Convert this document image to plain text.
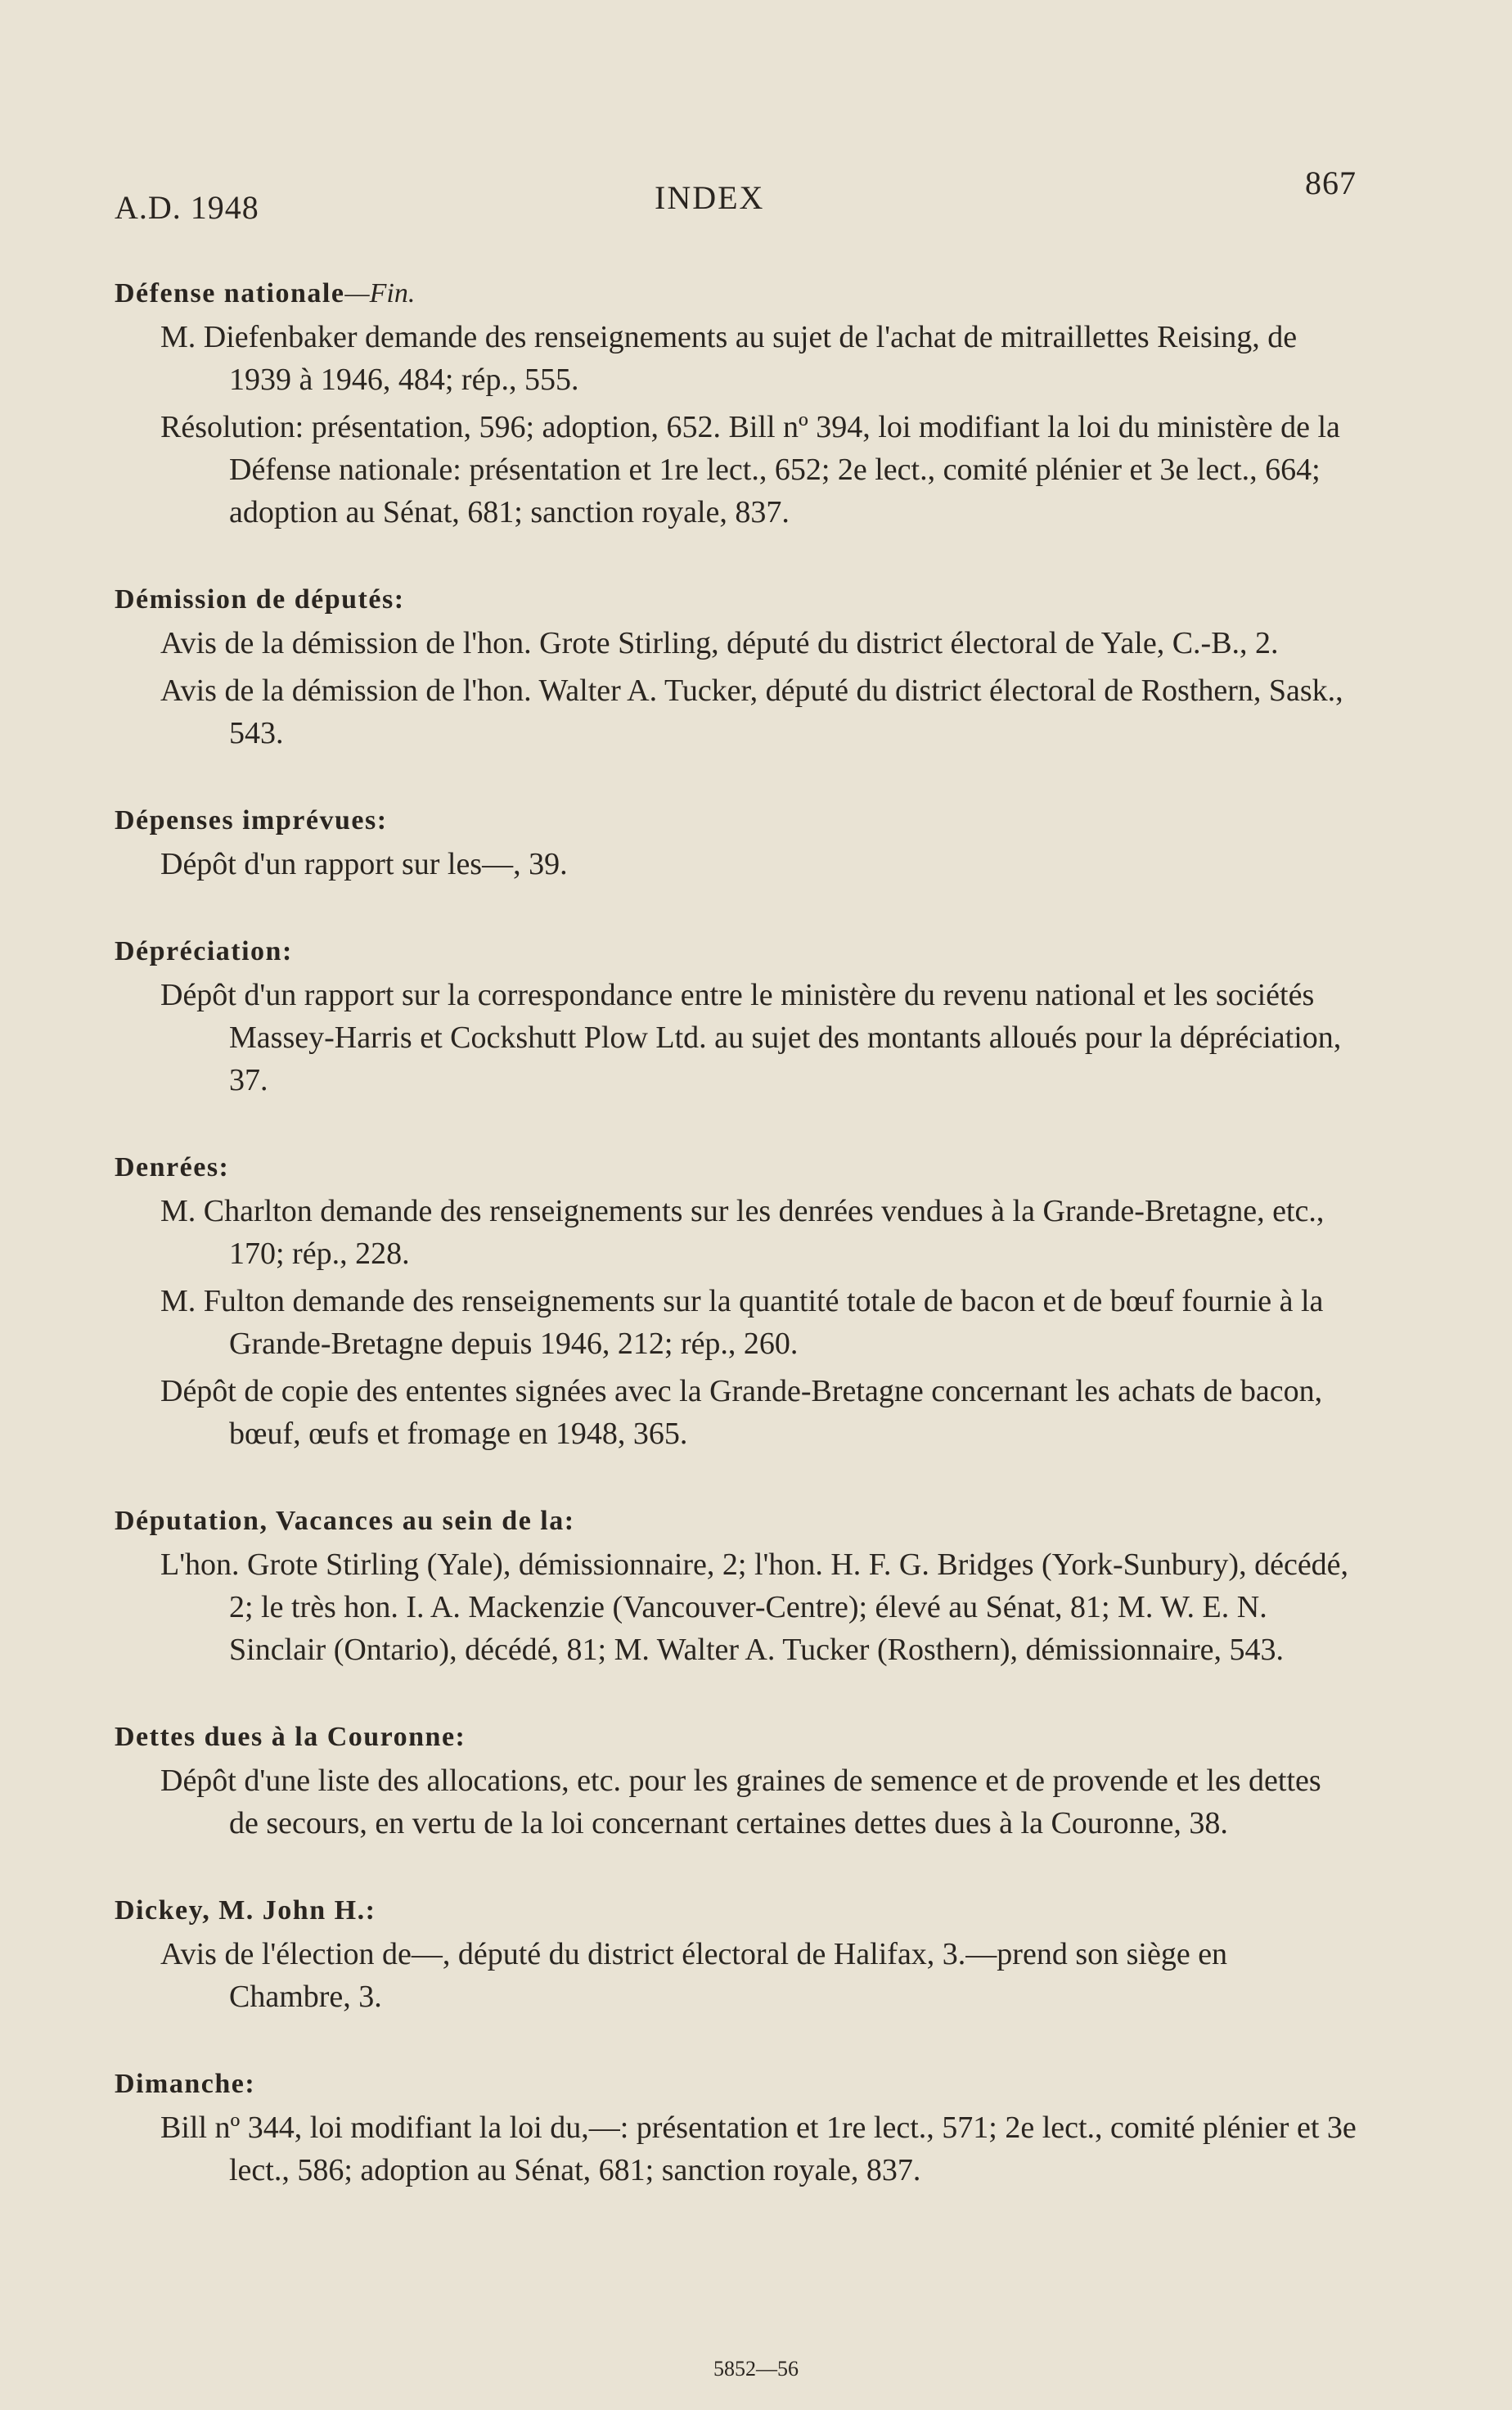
A.D. 1948	INDEX	867
Défense nationale—Fin.

M. Diefenbaker demande des renseignements au sujet de l'achat de mitraillettes Reising, de 1939 à 1946, 484; rép., 555.

Résolution: présentation, 596; adoption, 652. Bill nº 394, loi modifiant la loi du ministère de la Défense nationale: présentation et 1re lect., 652; 2e lect., comité plénier et 3e lect., 664; adoption au Sénat, 681; sanction royale, 837.

Démission de députés:

Avis de la démission de l'hon. Grote Stirling, député du district électoral de Yale, C.-B., 2.

Avis de la démission de l'hon. Walter A. Tucker, député du district électoral de Rosthern, Sask., 543.

Dépenses imprévues:

Dépôt d'un rapport sur les—, 39.

Dépréciation:

Dépôt d'un rapport sur la correspondance entre le ministère du revenu national et les sociétés Massey-Harris et Cockshutt Plow Ltd. au sujet des montants alloués pour la dépréciation, 37.

Denrées:

M. Charlton demande des renseignements sur les denrées vendues à la Grande-Bretagne, etc., 170; rép., 228.

M. Fulton demande des renseignements sur la quantité totale de bacon et de bœuf fournie à la Grande-Bretagne depuis 1946, 212; rép., 260.

Dépôt de copie des ententes signées avec la Grande-Bretagne concernant les achats de bacon, bœuf, œufs et fromage en 1948, 365.

Députation, Vacances au sein de la:

L'hon. Grote Stirling (Yale), démissionnaire, 2; l'hon. H. F. G. Bridges (York-Sunbury), décédé, 2; le très hon. I. A. Mackenzie (Vancouver-Centre); élevé au Sénat, 81; M. W. E. N. Sinclair (Ontario), décédé, 81; M. Walter A. Tucker (Rosthern), démissionnaire, 543.

Dettes dues à la Couronne:

Dépôt d'une liste des allocations, etc. pour les graines de semence et de provende et les dettes de secours, en vertu de la loi concernant certaines dettes dues à la Couronne, 38.

Dickey, M. John H.:

Avis de l'élection de—, député du district électoral de Halifax, 3.—prend son siège en Chambre, 3.

Dimanche:

Bill nº 344, loi modifiant la loi du,—: présentation et 1re lect., 571; 2e lect., comité plénier et 3e lect., 586; adoption au Sénat, 681; sanction royale, 837.

5852—56
